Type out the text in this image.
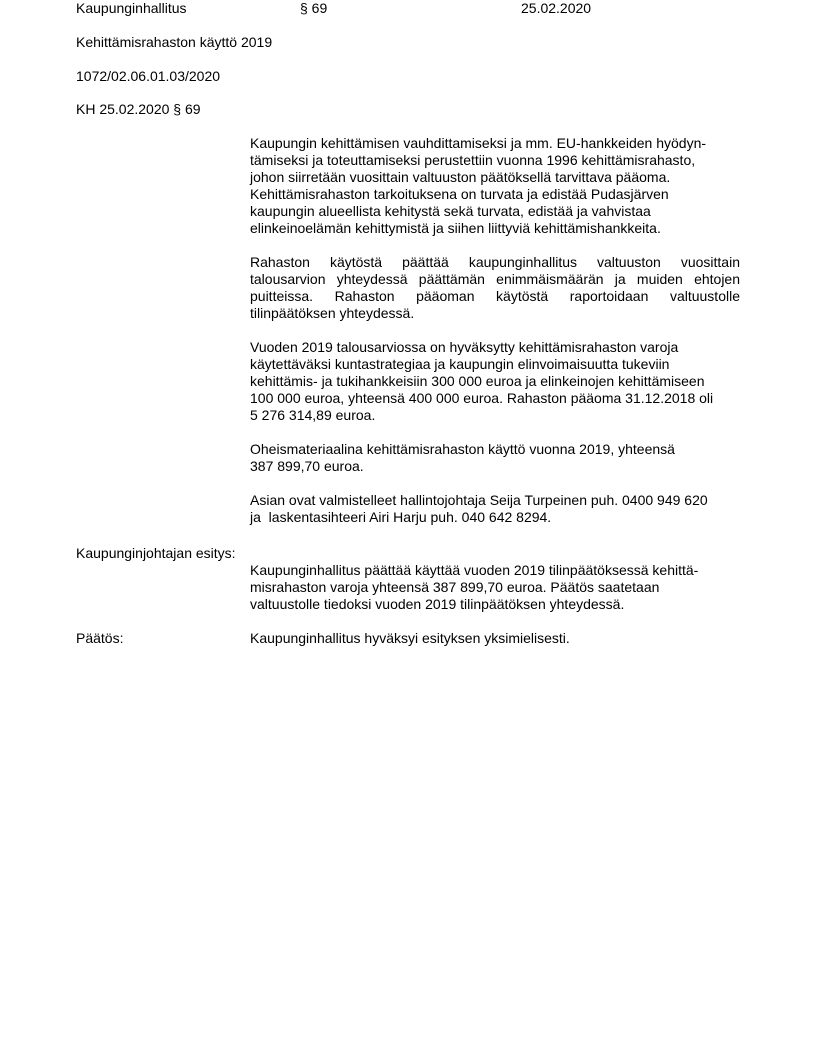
Kaupunginhallitus	§ 69	25.02.2020
Kehittämisrahaston käyttö 2019
1072/02.06.01.03/2020
KH 25.02.2020 § 69
Kaupungin kehittämisen vauhdittamiseksi ja mm. EU-hankkeiden hyödyn-
tämiseksi ja toteuttamiseksi perustettiin vuonna 1996 kehittämisrahasto,
johon siirretään vuosittain valtuuston päätöksellä tarvittava pääoma.
Kehittämisrahaston tarkoituksena on turvata ja edistää Pudasjärven
kaupungin alueellista kehitystä sekä turvata, edistää ja vahvistaa
elinkeinoelämän kehittymistä ja siihen liittyviä kehittämishankkeita.
Rahaston käytöstä päättää kaupunginhallitus valtuuston vuosittain
talousarvion yhteydessä päättämän enimmäismäärän ja muiden ehtojen
puitteissa. Rahaston pääoman käytöstä raportoidaan valtuustolle
tilinpäätöksen yhteydessä.
Vuoden 2019 talousarviossa on hyväksytty kehittämisrahaston varoja
käytettäväksi kuntastrategiaa ja kaupungin elinvoimaisuutta tukeviin
kehittämis- ja tukihankkeisiin 300 000 euroa ja elinkeinojen kehittämiseen
100 000 euroa, yhteensä 400 000 euroa. Rahaston pääoma 31.12.2018 oli
5 276 314,89 euroa.
Oheismateriaalina kehittämisrahaston käyttö vuonna 2019, yhteensä
387 899,70 euroa.
Asian ovat valmistelleet hallintojohtaja Seija Turpeinen puh. 0400 949 620
ja  laskentasihteeri Airi Harju puh. 040 642 8294.
Kaupunginjohtajan esitys:
Kaupunginhallitus päättää käyttää vuoden 2019 tilinpäätöksessä kehittä-
misrahaston varoja yhteensä 387 899,70 euroa. Päätös saatetaan
valtuustolle tiedoksi vuoden 2019 tilinpäätöksen yhteydessä.
Päätös:	Kaupunginhallitus hyväksyi esityksen yksimielisesti.
